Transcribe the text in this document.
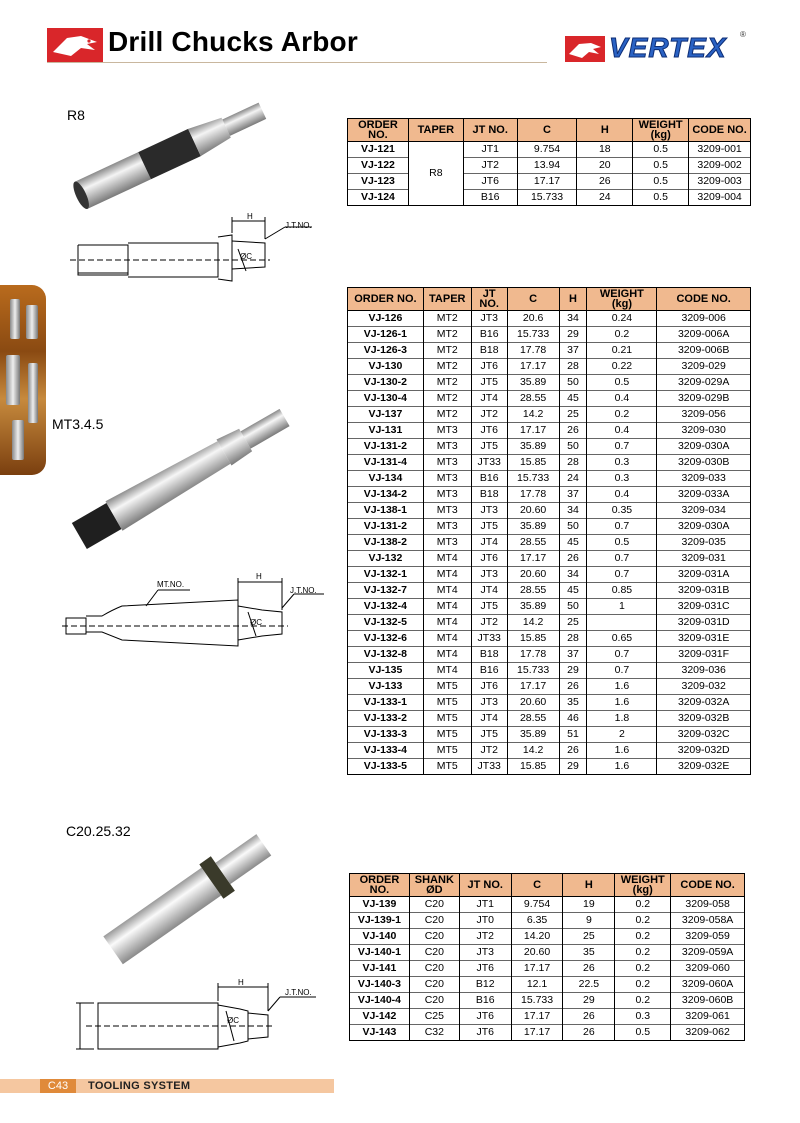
Drill Chucks Arbor	VERTEX ®
R8
H
J.T.NO.
ØC
ORDER NO.	TAPER	JT NO.	C	H	WEIGHT (kg)	CODE NO.
VJ-121	R8	JT1	9.754	18	0.5	3209-001
VJ-122		JT2	13.94	20	0.5	3209-002
VJ-123		JT6	17.17	26	0.5	3209-003
VJ-124		B16	15.733	24	0.5	3209-004
MT3.4.5
MT.NO.
H
J.T.NO.
ØC
ORDER NO.	TAPER	JT NO.	C	H	WEIGHT (kg)	CODE NO.
VJ-126	MT2	JT3	20.6	34	0.24	3209-006
VJ-126-1	MT2	B16	15.733	29	0.2	3209-006A
VJ-126-3	MT2	B18	17.78	37	0.21	3209-006B
VJ-130	MT2	JT6	17.17	28	0.22	3209-029
VJ-130-2	MT2	JT5	35.89	50	0.5	3209-029A
VJ-130-4	MT2	JT4	28.55	45	0.4	3209-029B
VJ-137	MT2	JT2	14.2	25	0.2	3209-056
VJ-131	MT3	JT6	17.17	26	0.4	3209-030
VJ-131-2	MT3	JT5	35.89	50	0.7	3209-030A
VJ-131-4	MT3	JT33	15.85	28	0.3	3209-030B
VJ-134	MT3	B16	15.733	24	0.3	3209-033
VJ-134-2	MT3	B18	17.78	37	0.4	3209-033A
VJ-138-1	MT3	JT3	20.60	34	0.35	3209-034
VJ-131-2	MT3	JT5	35.89	50	0.7	3209-030A
VJ-138-2	MT3	JT4	28.55	45	0.5	3209-035
VJ-132	MT4	JT6	17.17	26	0.7	3209-031
VJ-132-1	MT4	JT3	20.60	34	0.7	3209-031A
VJ-132-7	MT4	JT4	28.55	45	0.85	3209-031B
VJ-132-4	MT4	JT5	35.89	50	1	3209-031C
VJ-132-5	MT4	JT2	14.2	25		3209-031D
VJ-132-6	MT4	JT33	15.85	28	0.65	3209-031E
VJ-132-8	MT4	B18	17.78	37	0.7	3209-031F
VJ-135	MT4	B16	15.733	29	0.7	3209-036
VJ-133	MT5	JT6	17.17	26	1.6	3209-032
VJ-133-1	MT5	JT3	20.60	35	1.6	3209-032A
VJ-133-2	MT5	JT4	28.55	46	1.8	3209-032B
VJ-133-3	MT5	JT5	35.89	51	2	3209-032C
VJ-133-4	MT5	JT2	14.2	26	1.6	3209-032D
VJ-133-5	MT5	JT33	15.85	29	1.6	3209-032E
C20.25.32
H
J.T.NO.
ØC
ORDER NO.	SHANK ØD	JT NO.	C	H	WEIGHT (kg)	CODE NO.
VJ-139	C20	JT1	9.754	19	0.2	3209-058
VJ-139-1	C20	JT0	6.35	9	0.2	3209-058A
VJ-140	C20	JT2	14.20	25	0.2	3209-059
VJ-140-1	C20	JT3	20.60	35	0.2	3209-059A
VJ-141	C20	JT6	17.17	26	0.2	3209-060
VJ-140-3	C20	B12	12.1	22.5	0.2	3209-060A
VJ-140-4	C20	B16	15.733	29	0.2	3209-060B
VJ-142	C25	JT6	17.17	26	0.3	3209-061
VJ-143	C32	JT6	17.17	26	0.5	3209-062
C43	TOOLING SYSTEM
